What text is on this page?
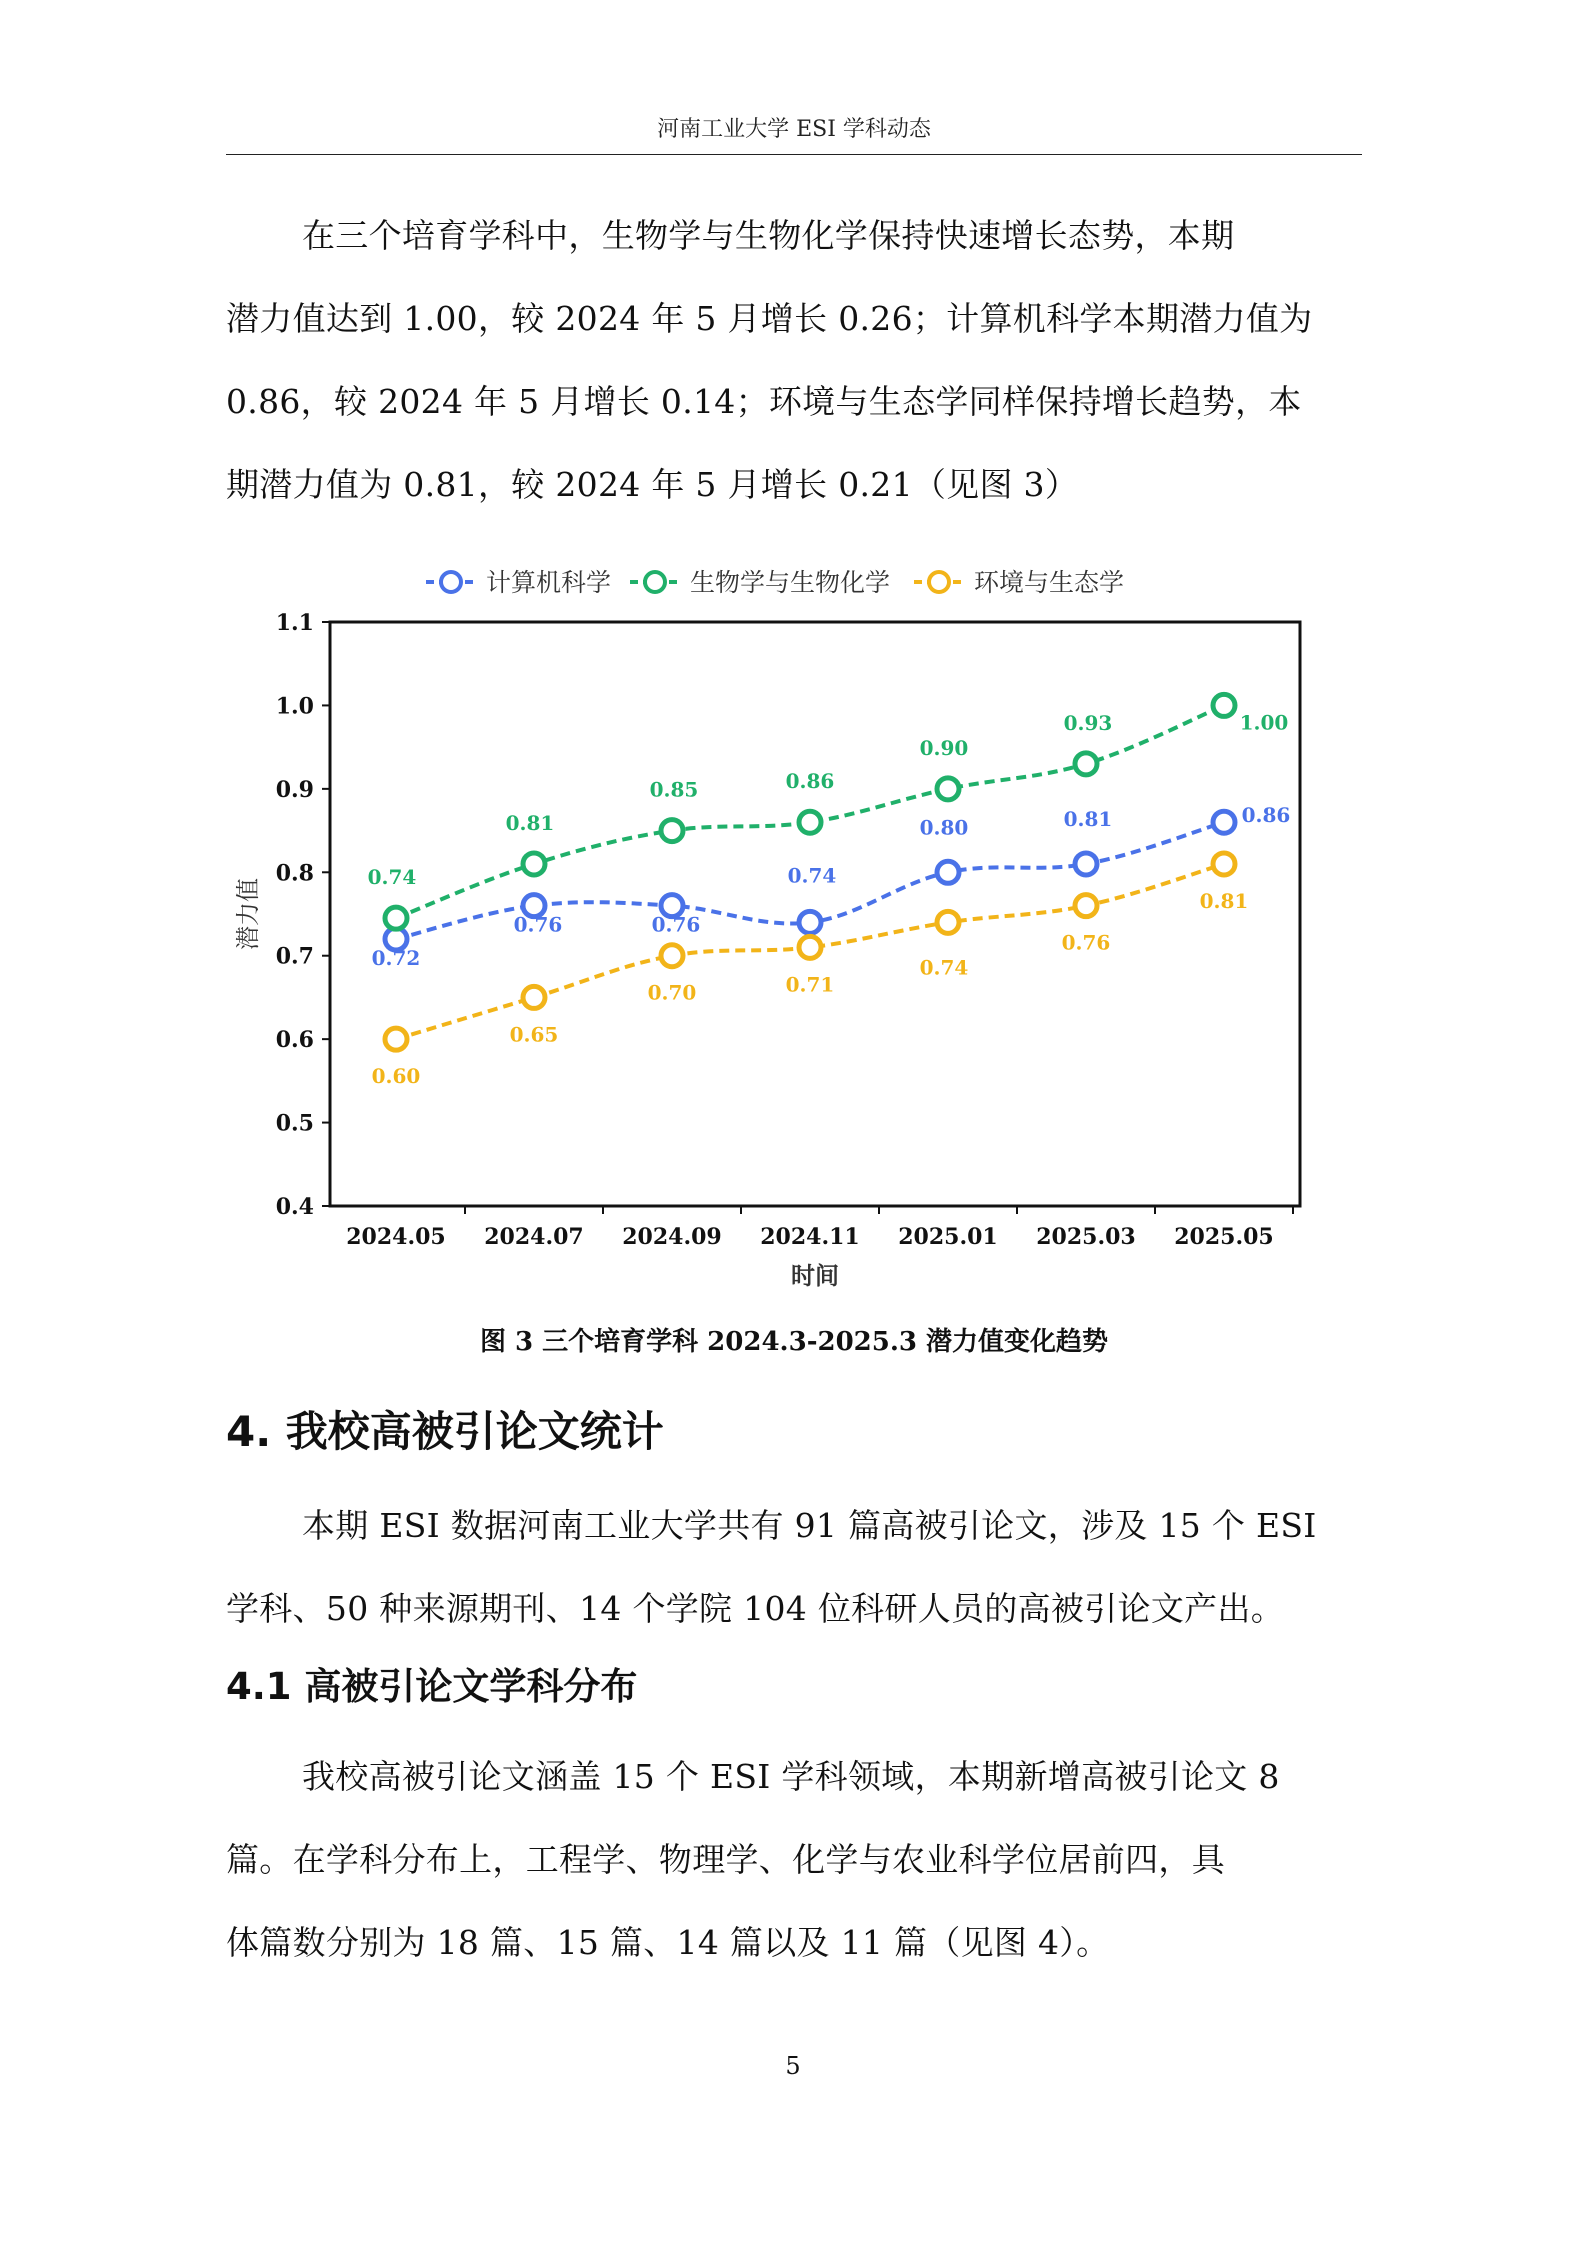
河南工业大学 ESI 学科动态

在三个培育学科中，生物学与生物化学保持快速增长态势，本期
潜力值达到 1.00，较 2024 年 5 月增长 0.26；计算机科学本期潜力值为
0.86，较 2024 年 5 月增长 0.14；环境与生态学同样保持增长趋势，本
期潜力值为 0.81，较 2024 年 5 月增长 0.21（见图 3）

0.4
0.5
0.6
0.7
0.8
0.9
1.0
1.1
2024.05 2024.07 2024.09 2024.11 2025.01 2025.03 2025.05
时间
潜力值
计算机科学	生物学与生物化学	环境与生态学
0.72
0.76	0.76
0.74
0.80	0.81	0.86
0.74
0.81
0.85	0.86
0.90
0.93	1.00
0.60
0.65
0.70	0.71
0.74
0.76
0.81
图 3 三个培育学科 2024.3-2025.3 潜力值变化趋势
4. 我校高被引论文统计

本期 ESI 数据河南工业大学共有 91 篇高被引论文，涉及 15 个 ESI
学科、50 种来源期刊、14 个学院 104 位科研人员的高被引论文产出。

4.1 高被引论文学科分布

我校高被引论文涵盖 15 个 ESI 学科领域，本期新增高被引论文 8
篇。在学科分布上，工程学、物理学、化学与农业科学位居前四，具
体篇数分别为 18 篇、15 篇、14 篇以及 11 篇（见图 4）。

5
